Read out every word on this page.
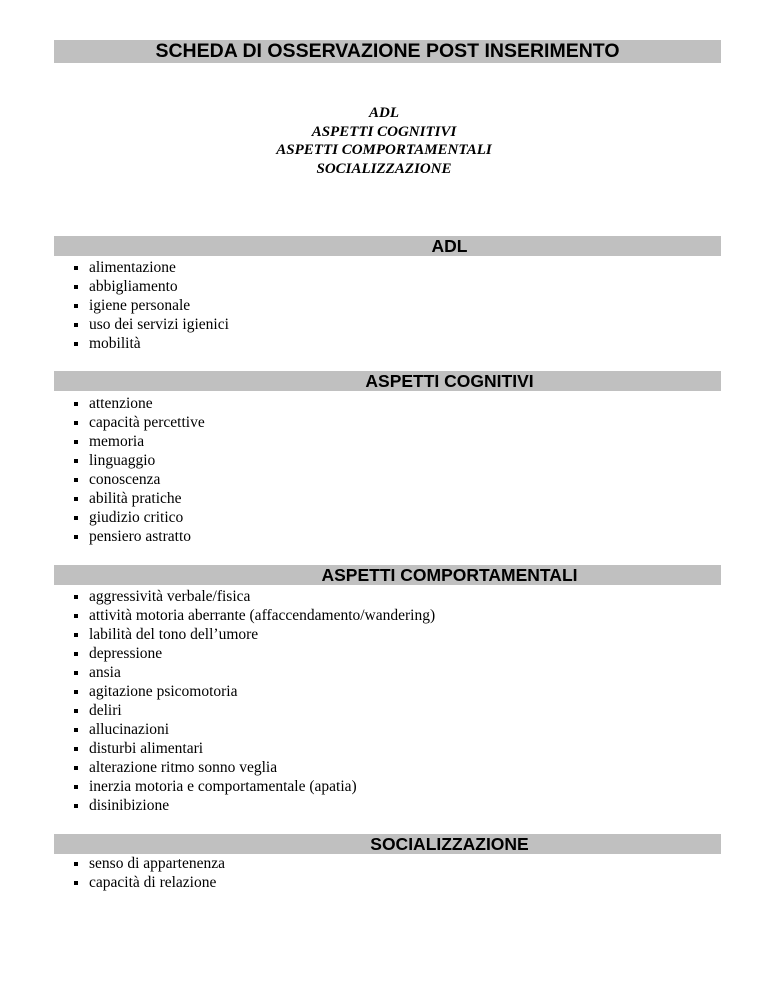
SCHEDA DI OSSERVAZIONE POST INSERIMENTO
ADL
ASPETTI COGNITIVI
ASPETTI COMPORTAMENTALI
SOCIALIZZAZIONE
ADL
alimentazione
abbigliamento
igiene personale
uso dei servizi igienici
mobilità
ASPETTI COGNITIVI
attenzione
capacità percettive
memoria
linguaggio
conoscenza
abilità pratiche
giudizio critico
pensiero astratto
ASPETTI COMPORTAMENTALI
aggressività verbale/fisica
attività motoria aberrante (affaccendamento/wandering)
labilità del tono dell’umore
depressione
ansia
agitazione psicomotoria
deliri
allucinazioni
disturbi alimentari
alterazione ritmo sonno veglia
inerzia motoria e comportamentale (apatia)
disinibizione
SOCIALIZZAZIONE
senso di appartenenza
capacità di relazione
